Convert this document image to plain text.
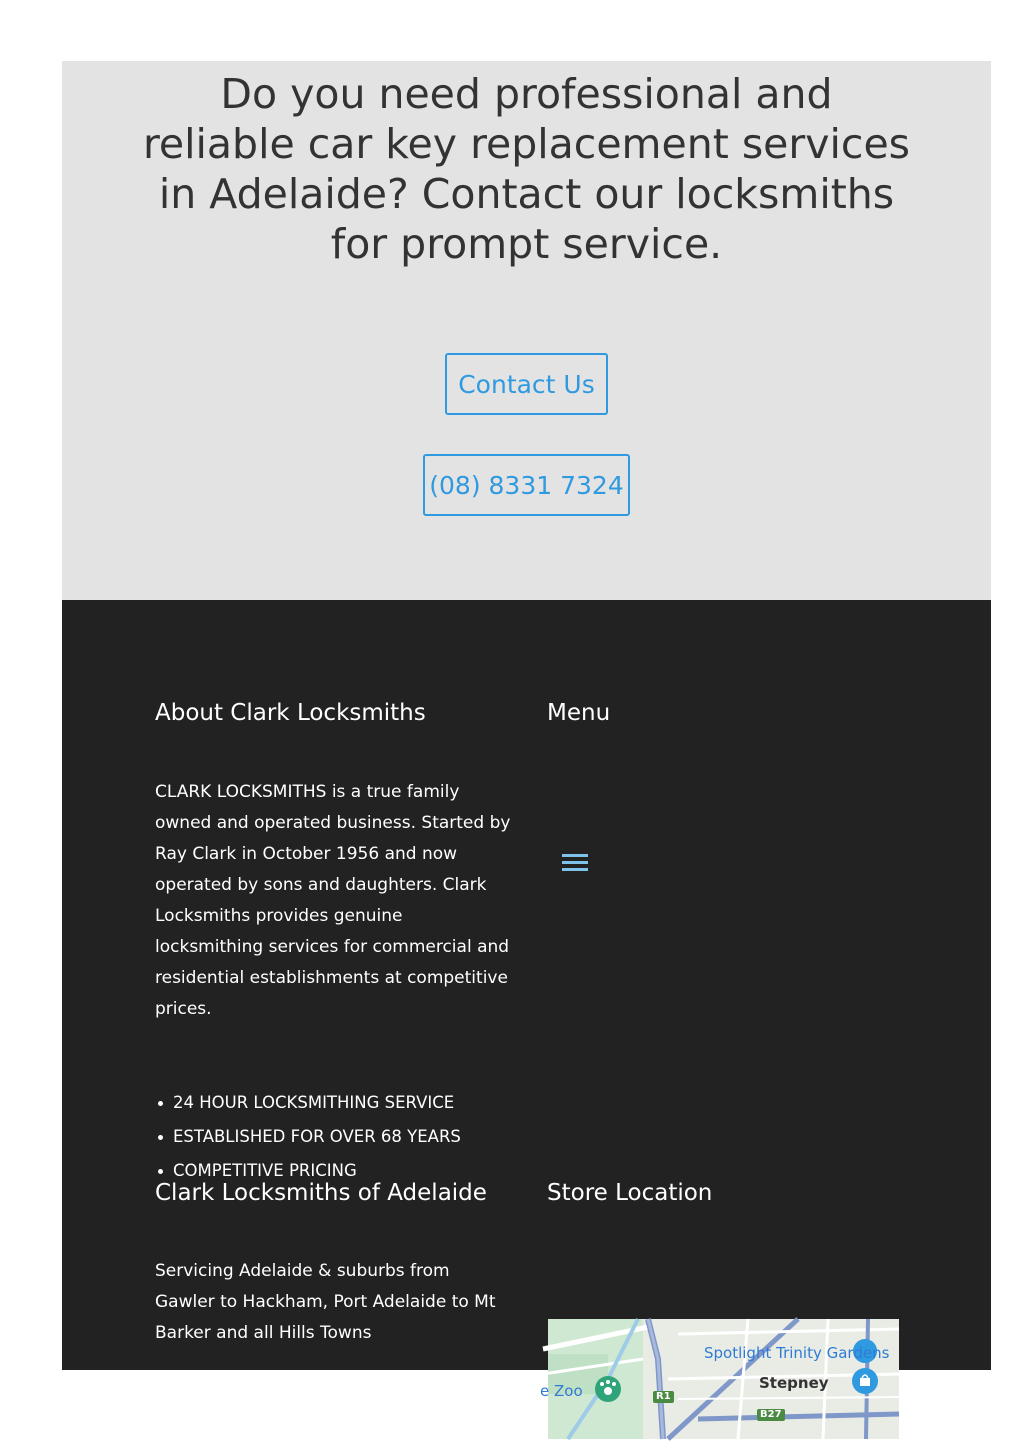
Do you need professional and reliable car key replacement services in Adelaide? Contact our locksmiths for prompt service.
Contact Us
(08) 8331 7324
About Clark Locksmiths

CLARK LOCKSMITHS is a true family owned and operated business. Started by Ray Clark in October 1956 and now operated by sons and daughters. Clark Locksmiths provides genuine locksmithing services for commercial and residential establishments at competitive prices.

24 HOUR LOCKSMITHING SERVICE
ESTABLISHED FOR OVER 68 YEARS
COMPETITIVE PRICING
Menu
Clark Locksmiths of Adelaide

Servicing Adelaide & suburbs from Gawler to Hackham, Port Adelaide to Mt Barker and all Hills Towns

Store Location
Spotlight Trinity Gardens
Stepney
e Zoo	R1
B27
